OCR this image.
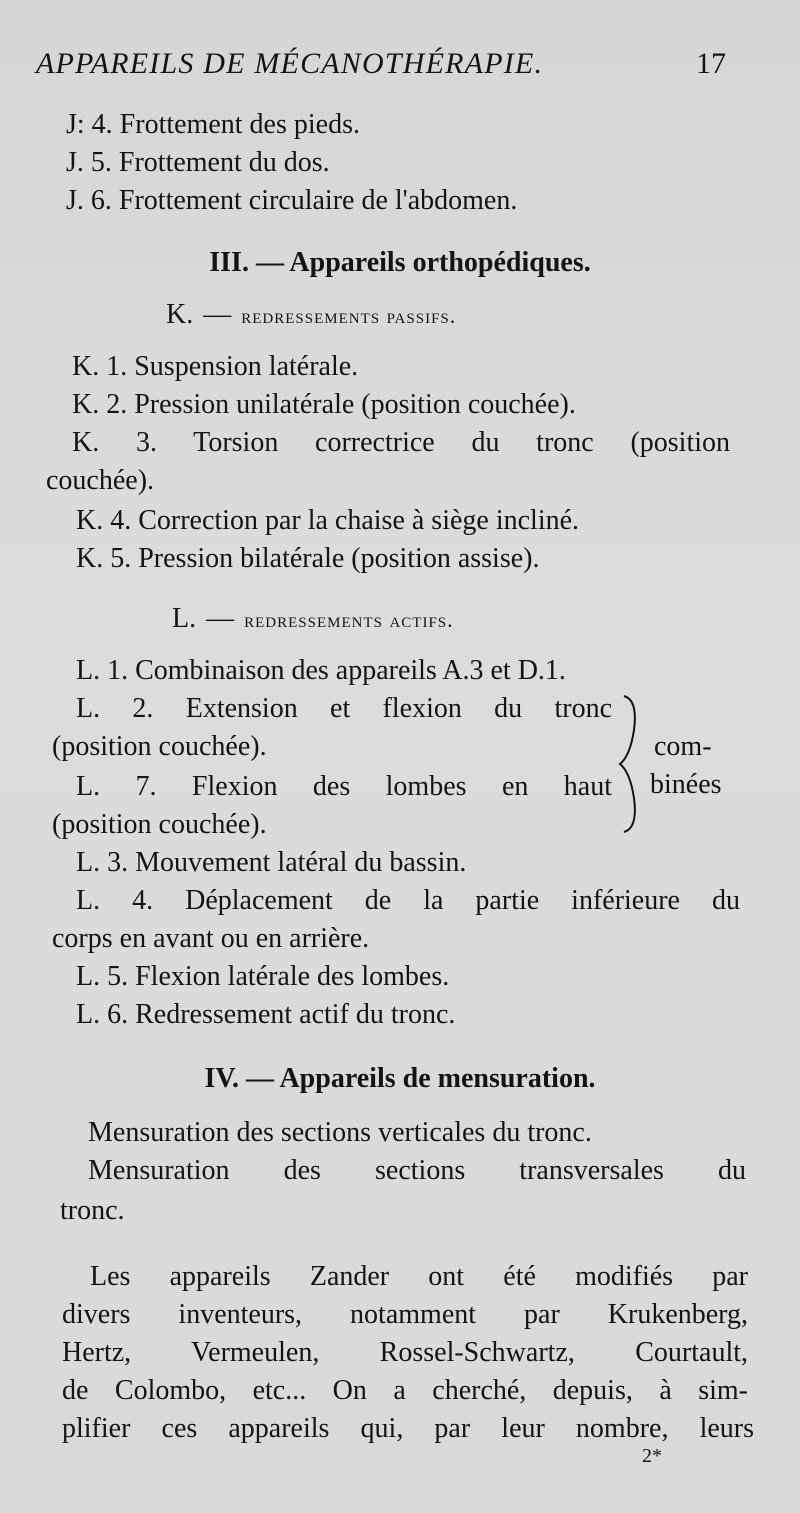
APPAREILS DE MÉCANOTHÉRAPIE.	17
J: 4. Frottement des pieds.
J. 5. Frottement du dos.
J. 6. Frottement circulaire de l'abdomen.
III. — Appareils orthopédiques.
K. — redressements passifs.
K. 1. Suspension latérale.
K. 2. Pression unilatérale (position couchée).
K. 3. Torsion correctrice du tronc (position
couchée).
K. 4. Correction par la chaise à siège incliné.
K. 5. Pression bilatérale (position assise).
L. — redressements actifs.
L. 1. Combinaison des appareils A.3 et D.1.
L. 2. Extension et flexion du tronc
(position couchée).
L. 7. Flexion des lombes en haut
(position couchée).
com-
binées
L. 3. Mouvement latéral du bassin.
L. 4. Déplacement de la partie inférieure du
corps en avant ou en arrière.
L. 5. Flexion latérale des lombes.
L. 6. Redressement actif du tronc.
IV. — Appareils de mensuration.
Mensuration des sections verticales du tronc.
Mensuration des sections transversales du
tronc.
Les appareils Zander ont été modifiés par
divers inventeurs, notamment par Krukenberg,
Hertz, Vermeulen, Rossel-Schwartz, Courtault,
de Colombo, etc... On a cherché, depuis, à sim-
plifier ces appareils qui, par leur nombre, leurs
2*
